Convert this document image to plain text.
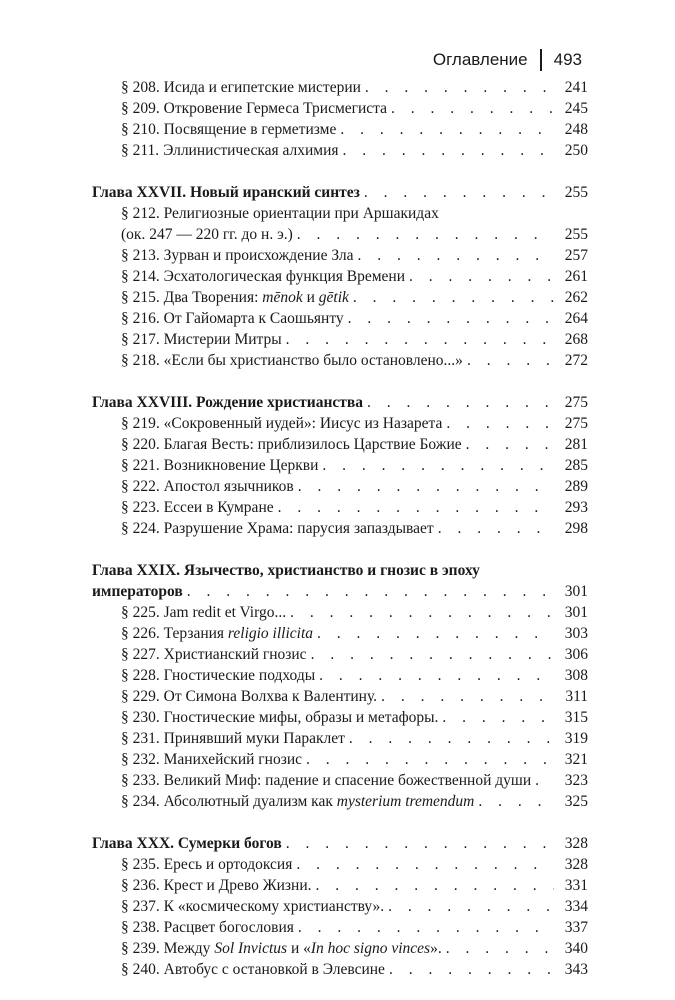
Оглавление 493
§ 208. Исида и египетские мистерии . . .	241
§ 209. Откровение Гермеса Трисмегиста . . .	245
§ 210. Посвящение в герметизме . . .	248
§ 211. Эллинистическая алхимия . . .	250
Глава XXVII. Новый иранский синтез . . .	255
§ 212. Религиозные ориентации при Аршакидах
(ок. 247 — 220 гг. до н. э.) . . .	255
§ 213. Зурван и происхождение Зла . . .	257
§ 214. Эсхатологическая функция Времени . . .	261
§ 215. Два Творения: mēnok и gētik . . .	262
§ 216. От Гайомарта к Саошьянту . . .	264
§ 217. Мистерии Митры . . .	268
§ 218. «Если бы христианство было остановлено...» . . .	272
Глава XXVIII. Рождение христианства . . .	275
§ 219. «Сокровенный иудей»: Иисус из Назарета . . .	275
§ 220. Благая Весть: приблизилось Царствие Божие . . .	281
§ 221. Возникновение Церкви . . .	285
§ 222. Апостол язычников . . .	289
§ 223. Ессеи в Кумране . . .	293
§ 224. Разрушение Храма: парусия запаздывает . . .	298
Глава XXIX. Язычество, христианство и гнозис в эпоху
императоров . . .	301
§ 225. Jam redit et Virgo... . . .	301
§ 226. Терзания religio illicita . . .	303
§ 227. Христианский гнозис . . .	306
§ 228. Гностические подходы . . .	308
§ 229. От Симона Волхва к Валентину. . . .	311
§ 230. Гностические мифы, образы и метафоры. . . .	315
§ 231. Принявший муки Параклет . . .	319
§ 232. Манихейский гнозис . . .	321
§ 233. Великий Миф: падение и спасение божественной души . . .	323
§ 234. Абсолютный дуализм как mysterium tremendum . . .	325
Глава XXX. Сумерки богов . . .	328
§ 235. Ересь и ортодоксия . . .	328
§ 236. Крест и Древо Жизни. . . .	331
§ 237. К «космическому христианству». . . .	334
§ 238. Расцвет богословия . . .	337
§ 239. Между Sol Invictus и «In hoc signo vinces». . . .	340
§ 240. Автобус с остановкой в Элевсине . . .	343
